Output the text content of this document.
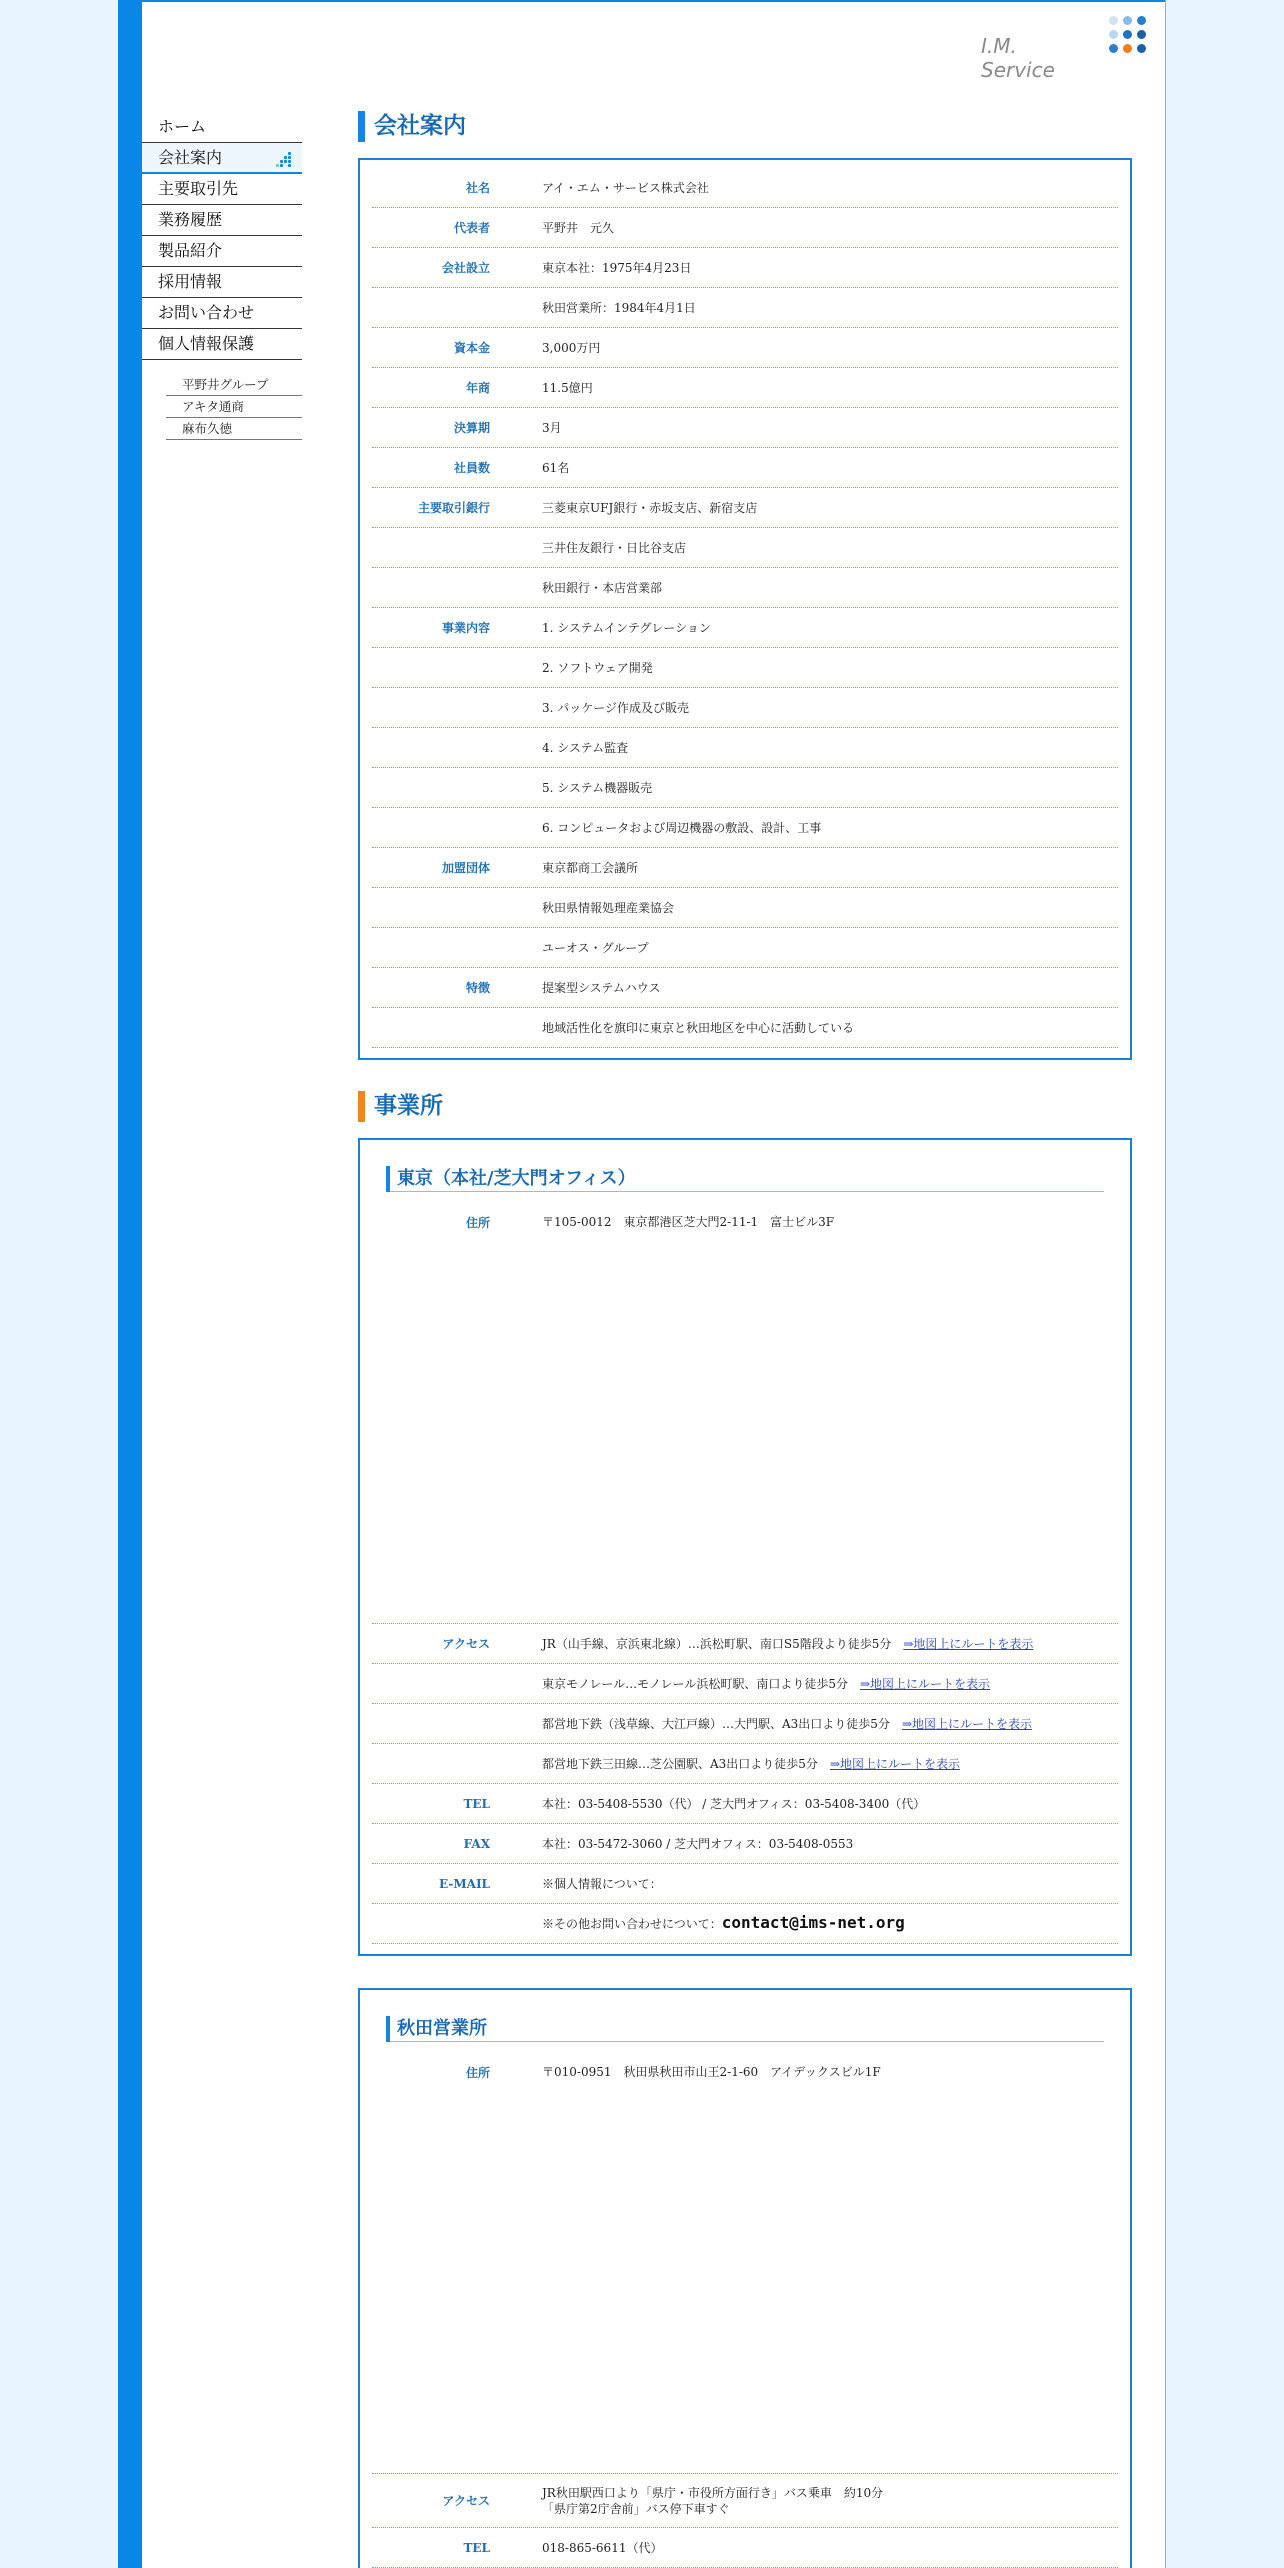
I.M. Service
ホーム
会社案内
主要取引先
業務履歴
製品紹介
採用情報
お問い合わせ
個人情報保護
平野井グループ
アキタ通商
麻布久徳
会社案内
社名	アイ・エム・サービス株式会社
代表者	平野井　元久
会社設立	東京本社：1975年4月23日
秋田営業所：1984年4月1日
資本金	3,000万円
年商	11.5億円
決算期	3月
社員数	61名
主要取引銀行	三菱東京UFJ銀行・赤坂支店、新宿支店
三井住友銀行・日比谷支店
秋田銀行・本店営業部
事業内容	1. システムインテグレーション
2. ソフトウェア開発
3. パッケージ作成及び販売
4. システム監査
5. システム機器販売
6. コンピュータおよび周辺機器の敷設、設計、工事
加盟団体	東京都商工会議所
秋田県情報処理産業協会
ユーオス・グループ
特徴	提案型システムハウス
地域活性化を旗印に東京と秋田地区を中心に活動している
事業所
東京（本社/芝大門オフィス）
住所	〒105-0012　東京都港区芝大門2-11-1　富士ビル3F
アクセス	JR（山手線、京浜東北線）…浜松町駅、南口S5階段より徒歩5分 ⇒地図上にルートを表示
東京モノレール…モノレール浜松町駅、南口より徒歩5分 ⇒地図上にルートを表示
都営地下鉄（浅草線、大江戸線）…大門駅、A3出口より徒歩5分 ⇒地図上にルートを表示
都営地下鉄三田線…芝公園駅、A3出口より徒歩5分 ⇒地図上にルートを表示
TEL	本社：03-5408-5530（代） / 芝大門オフィス：03-5408-3400（代）
FAX	本社：03-5472-3060 / 芝大門オフィス：03-5408-0553
E-MAIL	※個人情報について：
※その他お問い合わせについて：contact@ims-net.org
秋田営業所
住所	〒010-0951　秋田県秋田市山王2-1-60　アイデックスビル1F
アクセス
JR秋田駅西口より「県庁・市役所方面行き」バス乗車　約10分
「県庁第2庁舎前」バス停下車すぐ
TEL	018-865-6611（代）
